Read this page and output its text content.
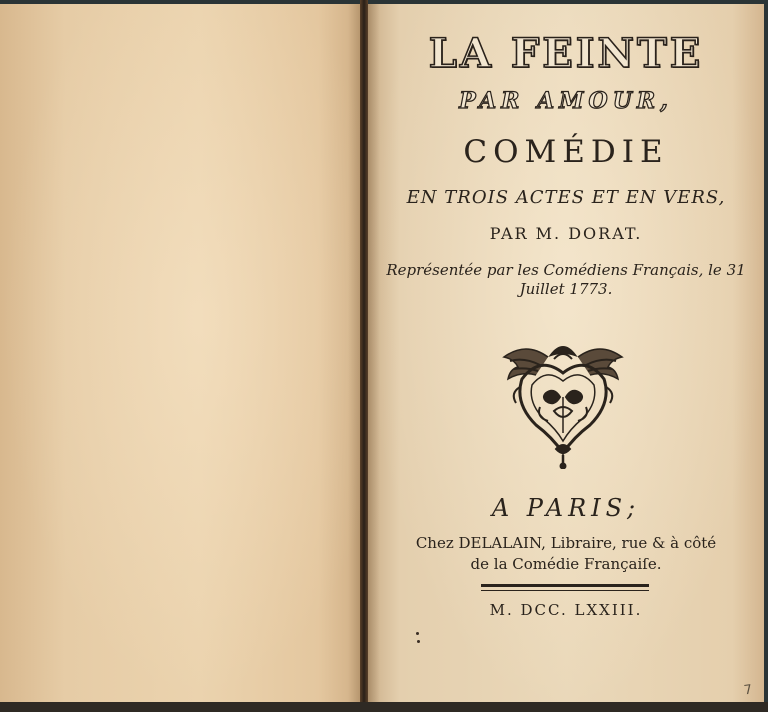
LA FEINTE
PAR AMOUR,
COMÉDIE
EN TROIS ACTES ET EN VERS,
PAR M. DORAT.
Représentée par les Comédiens Français, le 31
Juillet 1773.
A PARIS;
Chez DELALAIN, Libraire, rue & à côté
de la Comédie Françaiſe.
M. DCC. LXXIII.
7
